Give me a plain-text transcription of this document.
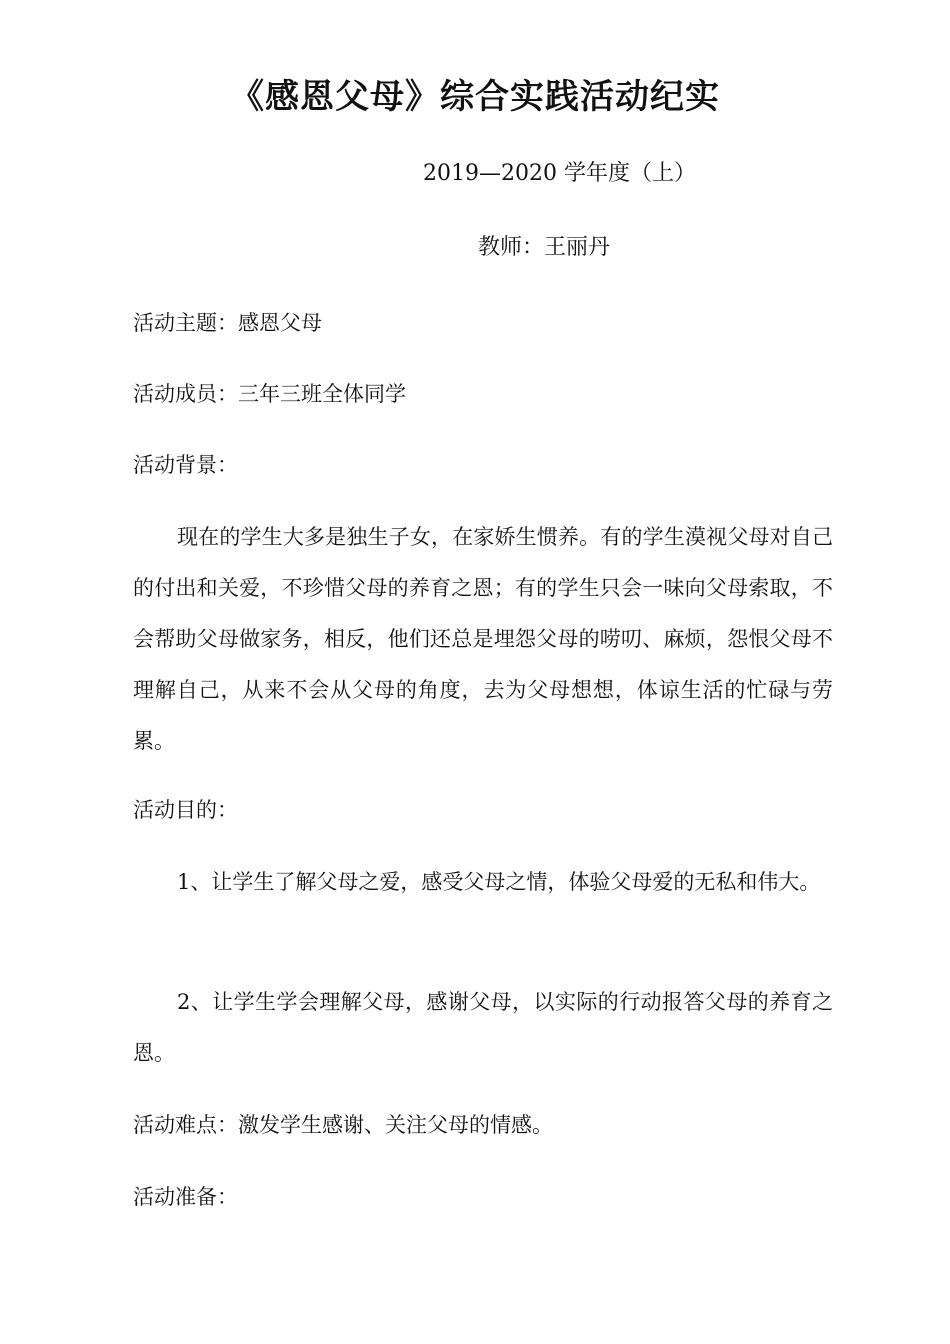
《感恩父母》综合实践活动纪实
2019—2020 学年度（上）
教师：王丽丹
活动主题：感恩父母
活动成员：三年三班全体同学
活动背景：
现在的学生大多是独生子女，在家娇生惯养。有的学生漠视父母对自己的付出和关爱，不珍惜父母的养育之恩；有的学生只会一味向父母索取，不会帮助父母做家务，相反，他们还总是埋怨父母的唠叨、麻烦，怨恨父母不理解自己，从来不会从父母的角度，去为父母想想，体谅生活的忙碌与劳累。
活动目的：
1、让学生了解父母之爱，感受父母之情，体验父母爱的无私和伟大。
2、让学生学会理解父母，感谢父母，以实际的行动报答父母的养育之恩。
活动难点：激发学生感谢、关注父母的情感。
活动准备：
